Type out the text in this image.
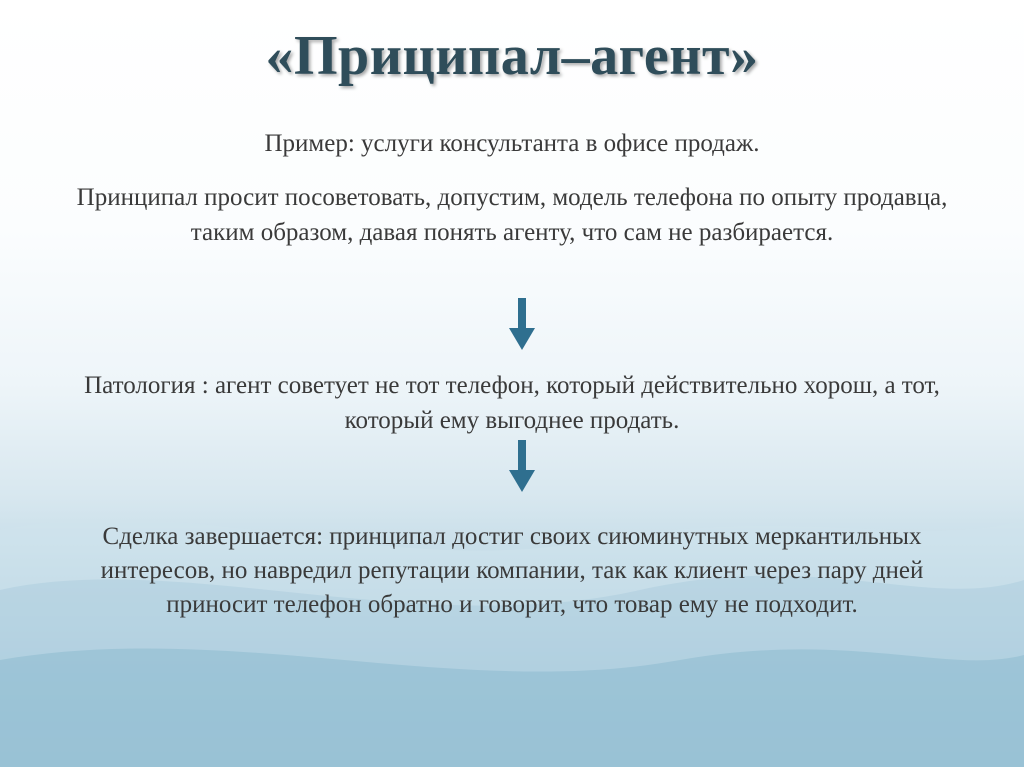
«Приципал–агент»
Пример: услуги консультанта в офисе продаж.
Принципал просит посоветовать, допустим, модель телефона по опыту продавца, таким образом, давая понять агенту, что сам не разбирается.
Патология : агент советует не тот телефон, который действительно хорош, а тот, который ему выгоднее продать.
Сделка завершается: принципал достиг своих сиюминутных меркантильных интересов, но навредил репутации компании, так как клиент через пару дней приносит телефон обратно и говорит, что товар ему не подходит.
